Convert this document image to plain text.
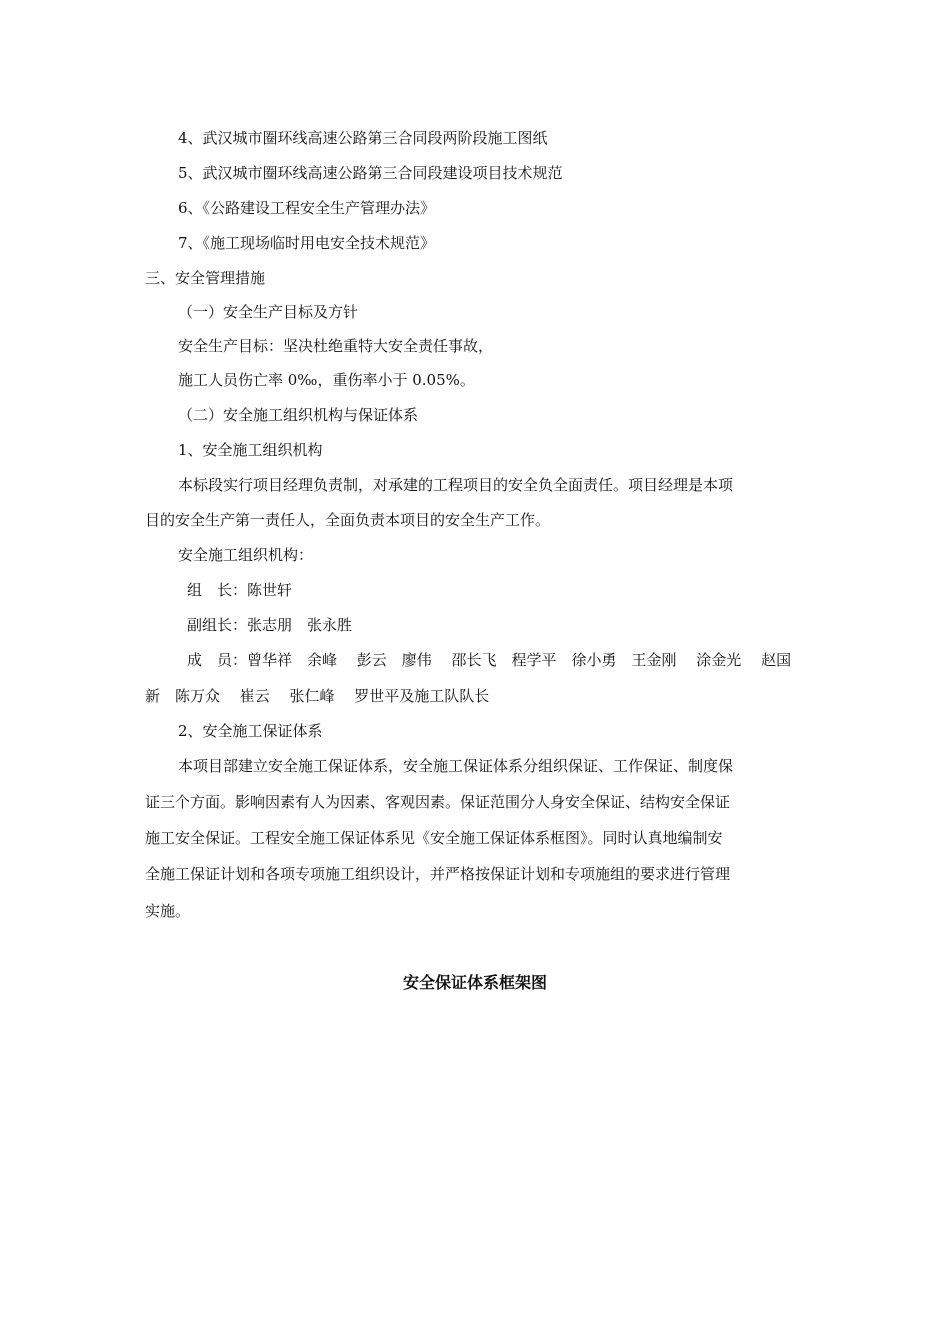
4、武汉城市圈环线高速公路第三合同段两阶段施工图纸
5、武汉城市圈环线高速公路第三合同段建设项目技术规范
6、《公路建设工程安全生产管理办法》
7、《施工现场临时用电安全技术规范》
三、安全管理措施
（一）安全生产目标及方针
安全生产目标：坚决杜绝重特大安全责任事故，
施工人员伤亡率 0‰，重伤率小于 0.05%。
（二）安全施工组织机构与保证体系
1、安全施工组织机构
本标段实行项目经理负责制，对承建的工程项目的安全负全面责任。项目经理是本项
目的安全生产第一责任人，全面负责本项目的安全生产工作。
安全施工组织机构：
组　长：陈世轩
副组长：张志朋　张永胜
成　员：曾华祥　余峰　 彭云　廖伟　 邵长飞　程学平　徐小勇　王金刚　 涂金光　 赵国
新　陈万众　 崔云　 张仁峰　 罗世平及施工队队长
2、安全施工保证体系
本项目部建立安全施工保证体系，安全施工保证体系分组织保证、工作保证、制度保
证三个方面。影响因素有人为因素、客观因素。保证范围分人身安全保证、结构安全保证
施工安全保证。工程安全施工保证体系见《安全施工保证体系框图》。同时认真地编制安
全施工保证计划和各项专项施工组织设计，并严格按保证计划和专项施组的要求进行管理
实施。
安全保证体系框架图
